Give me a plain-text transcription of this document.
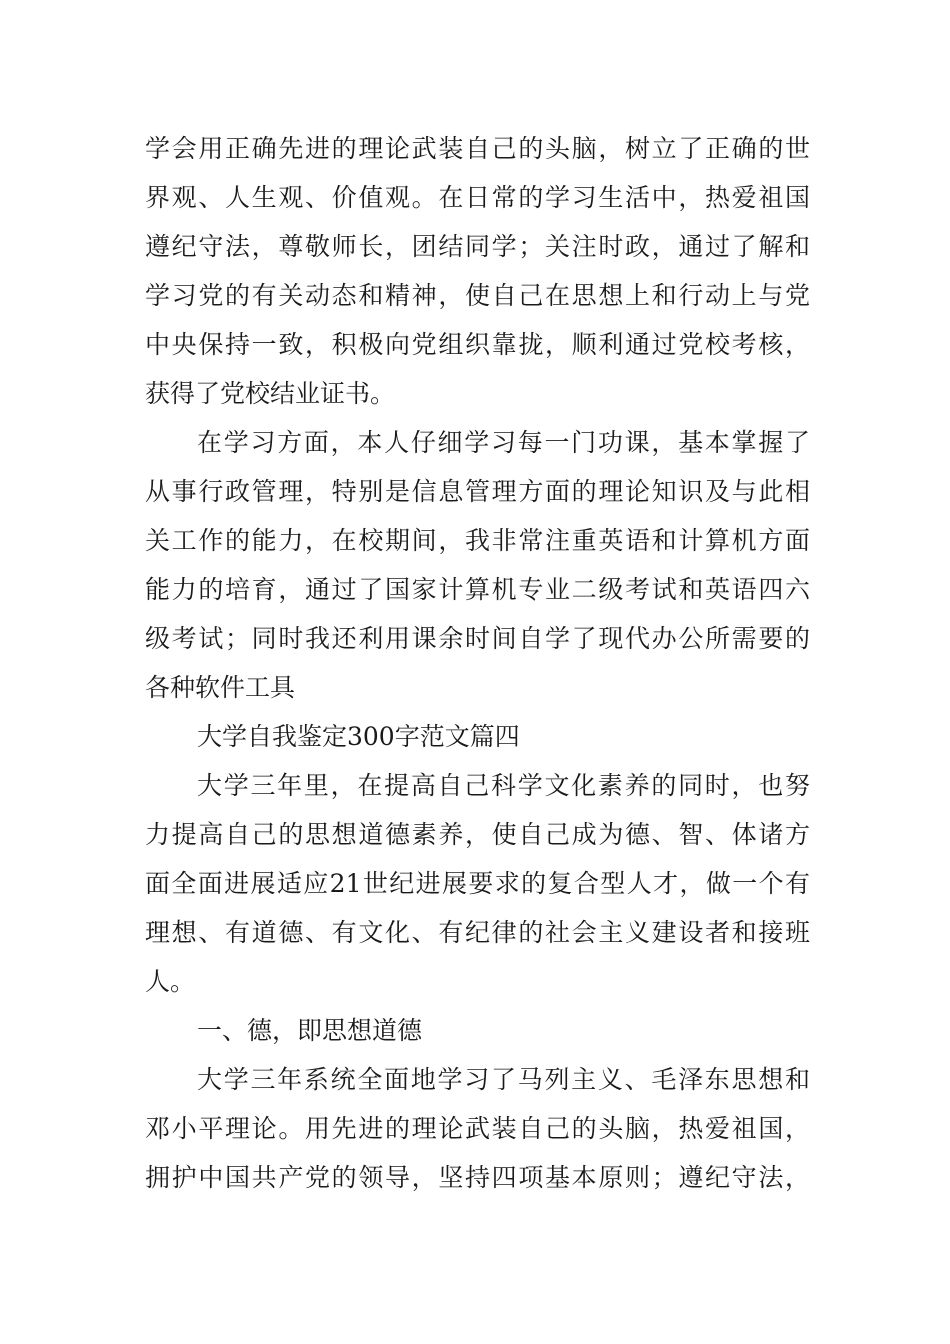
学会用正确先进的理论武装自己的头脑，树立了正确的世
界观、人生观、价值观。在日常的学习生活中，热爱祖国
遵纪守法，尊敬师长，团结同学；关注时政，通过了解和
学习党的有关动态和精神，使自己在思想上和行动上与党
中央保持一致，积极向党组织靠拢，顺利通过党校考核，
获得了党校结业证书。
在学习方面，本人仔细学习每一门功课，基本掌握了
从事行政管理，特别是信息管理方面的理论知识及与此相
关工作的能力，在校期间，我非常注重英语和计算机方面
能力的培育，通过了国家计算机专业二级考试和英语四六
级考试；同时我还利用课余时间自学了现代办公所需要的
各种软件工具
大学自我鉴定300字范文篇四
大学三年里，在提高自己科学文化素养的同时，也努
力提高自己的思想道德素养，使自己成为德、智、体诸方
面全面进展适应21世纪进展要求的复合型人才，做一个有
理想、有道德、有文化、有纪律的社会主义建设者和接班
人。
一、德，即思想道德
大学三年系统全面地学习了马列主义、毛泽东思想和
邓小平理论。用先进的理论武装自己的头脑，热爱祖国，
拥护中国共产党的领导，坚持四项基本原则；遵纪守法，
